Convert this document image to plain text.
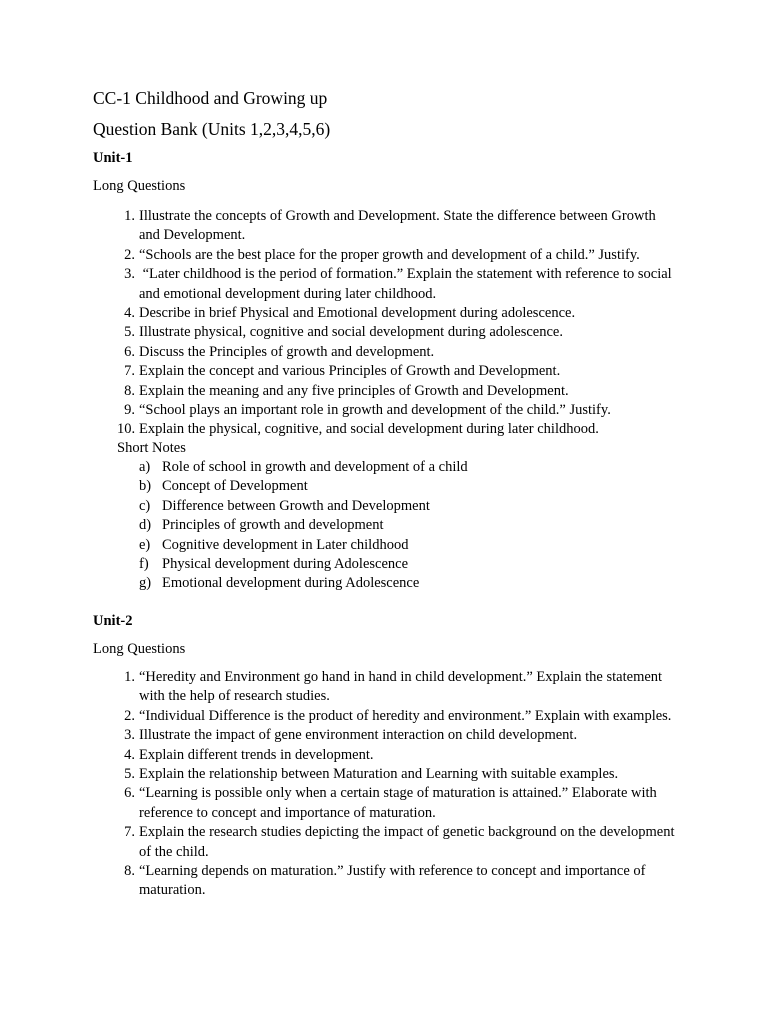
CC-1 Childhood and Growing up
Question Bank (Units 1,2,3,4,5,6)
Unit-1
Long Questions
1. Illustrate the concepts of Growth and Development. State the difference between Growth and Development.
2. “Schools are the best place for the proper growth and development of a child.” Justify.
3. “Later childhood is the period of formation.” Explain the statement with reference to social and emotional development during later childhood.
4. Describe in brief Physical and Emotional development during adolescence.
5. Illustrate physical, cognitive and social development during adolescence.
6. Discuss the Principles of growth and development.
7. Explain the concept and various Principles of Growth and Development.
8. Explain the meaning and any five principles of Growth and Development.
9. “School plays an important role in growth and development of the child.” Justify.
10. Explain the physical, cognitive, and social development during later childhood.
Short Notes
a) Role of school in growth and development of a child
b) Concept of Development
c) Difference between Growth and Development
d) Principles of growth and development
e) Cognitive development in Later childhood
f) Physical development during Adolescence
g) Emotional development during Adolescence
Unit-2
Long Questions
1. “Heredity and Environment go hand in hand in child development.” Explain the statement with the help of research studies.
2. “Individual Difference is the product of heredity and environment.” Explain with examples.
3. Illustrate the impact of gene environment interaction on child development.
4. Explain different trends in development.
5. Explain the relationship between Maturation and Learning with suitable examples.
6. “Learning is possible only when a certain stage of maturation is attained.” Elaborate with reference to concept and importance of maturation.
7. Explain the research studies depicting the impact of genetic background on the development of the child.
8. “Learning depends on maturation.” Justify with reference to concept and importance of maturation.
